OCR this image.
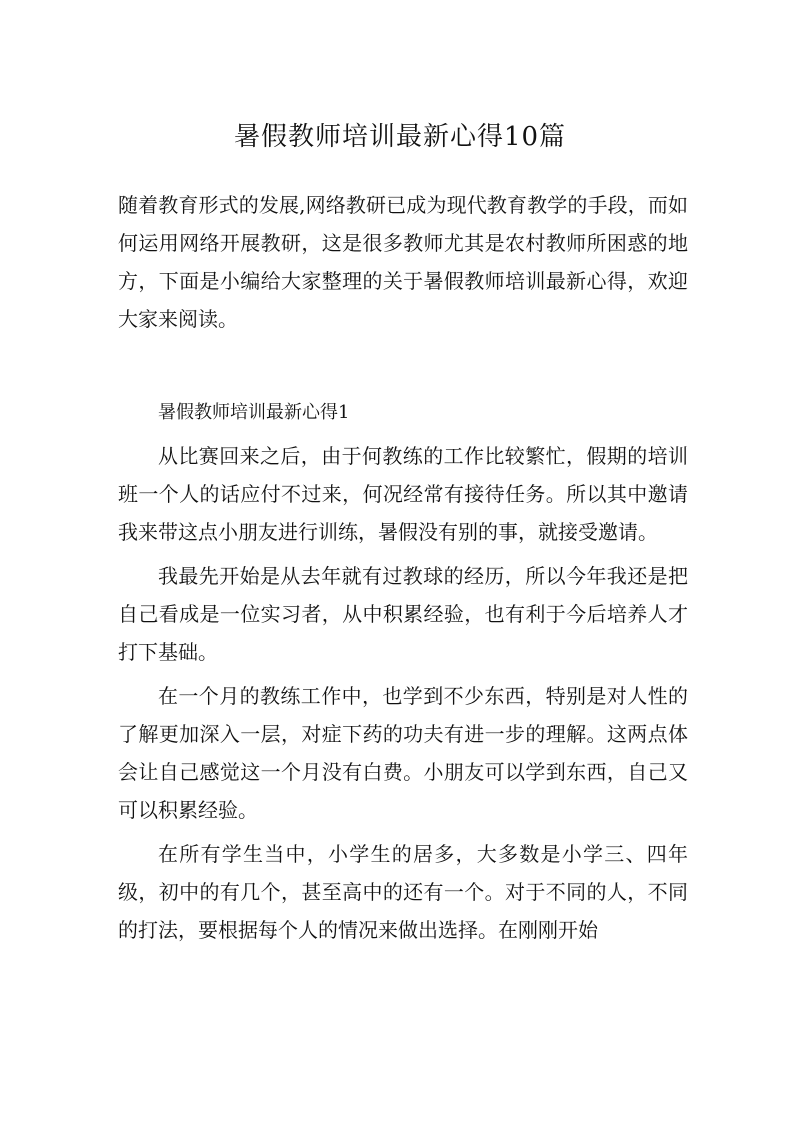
暑假教师培训最新心得10篇
随着教育形式的发展,网络教研已成为现代教育教学的手段，而如何运用网络开展教研，这是很多教师尤其是农村教师所困惑的地方，下面是小编给大家整理的关于暑假教师培训最新心得，欢迎大家来阅读。
暑假教师培训最新心得1

从比赛回来之后，由于何教练的工作比较繁忙，假期的培训班一个人的话应付不过来，何况经常有接待任务。所以其中邀请我来带这点小朋友进行训练，暑假没有别的事，就接受邀请。

我最先开始是从去年就有过教球的经历，所以今年我还是把自己看成是一位实习者，从中积累经验，也有利于今后培养人才打下基础。

在一个月的教练工作中，也学到不少东西，特别是对人性的了解更加深入一层，对症下药的功夫有进一步的理解。这两点体会让自己感觉这一个月没有白费。小朋友可以学到东西，自己又可以积累经验。

在所有学生当中，小学生的居多，大多数是小学三、四年级，初中的有几个，甚至高中的还有一个。对于不同的人，不同的打法，要根据每个人的情况来做出选择。在刚刚开始
